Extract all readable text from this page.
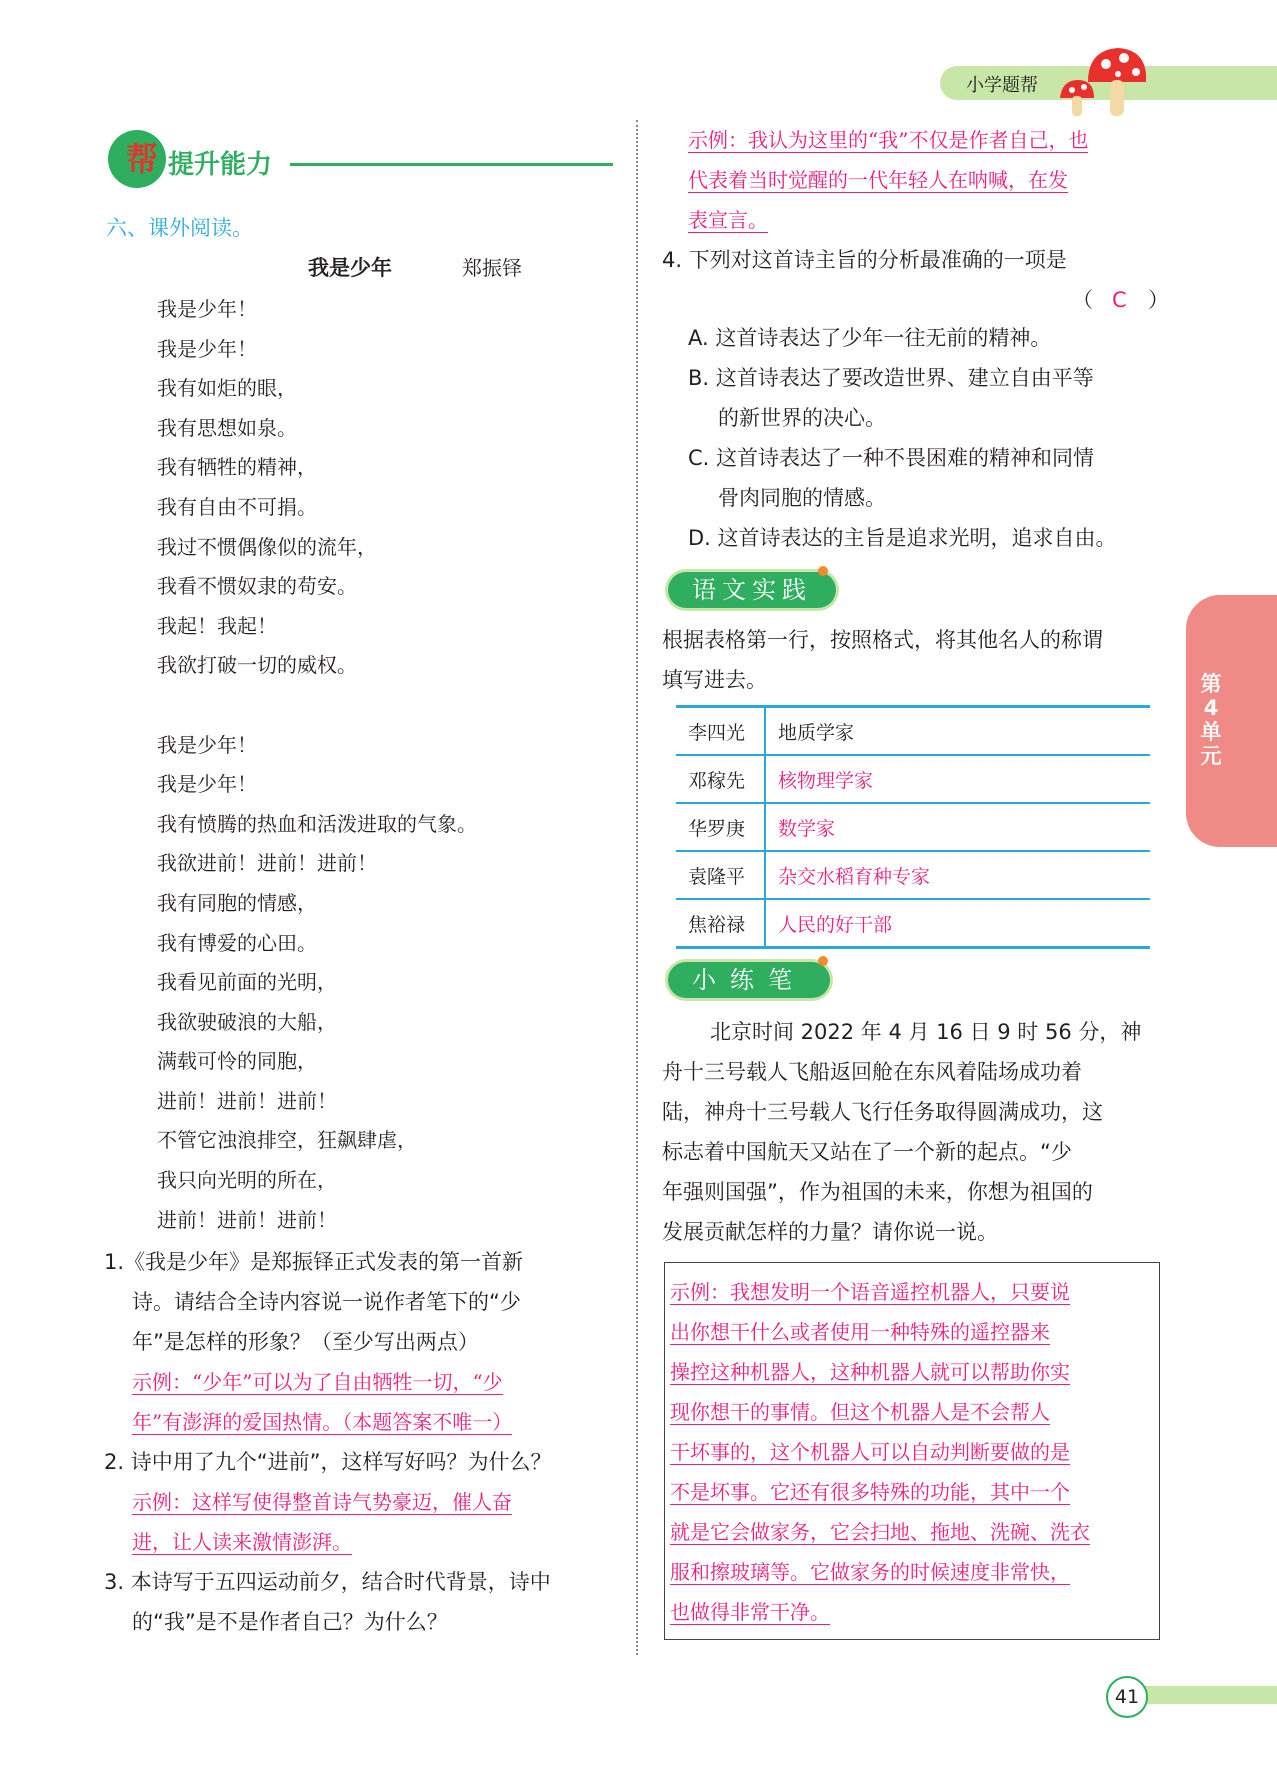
小学题帮
帮 提升能力
六、课外阅读。
我是少年	郑振铎
我是少年！
我是少年！
我有如炬的眼，
我有思想如泉。
我有牺牲的精神，
我有自由不可捐。
我过不惯偶像似的流年，
我看不惯奴隶的苟安。
我起！我起！
我欲打破一切的威权。
我是少年！
我是少年！
我有愤腾的热血和活泼进取的气象。
我欲进前！进前！进前！
我有同胞的情感，
我有博爱的心田。
我看见前面的光明，
我欲驶破浪的大船，
满载可怜的同胞，
进前！进前！进前！
不管它浊浪排空，狂飙肆虐，
我只向光明的所在，
进前！进前！进前！
1.《我是少年》是郑振铎正式发表的第一首新
诗。请结合全诗内容说一说作者笔下的“少
年”是怎样的形象？（至少写出两点）
示例：“少年”可以为了自由牺牲一切，“少
年”有澎湃的爱国热情。（本题答案不唯一）
2. 诗中用了九个“进前”，这样写好吗？为什么？
示例：这样写使得整首诗气势豪迈，催人奋
进，让人读来激情澎湃。
3. 本诗写于五四运动前夕，结合时代背景，诗中
的“我”是不是作者自己？为什么？
示例：我认为这里的“我”不仅是作者自己，也
代表着当时觉醒的一代年轻人在呐喊，在发
表宣言。
4. 下列对这首诗主旨的分析最准确的一项是
（ C ）
A. 这首诗表达了少年一往无前的精神。
B. 这首诗表达了要改造世界、建立自由平等
的新世界的决心。
C. 这首诗表达了一种不畏困难的精神和同情
骨肉同胞的情感。
D. 这首诗表达的主旨是追求光明，追求自由。
语文实践
根据表格第一行，按照格式，将其他名人的称谓
填写进去。
李四光	地质学家
邓稼先	核物理学家
华罗庚	数学家
袁隆平	杂交水稻育种专家
焦裕禄	人民的好干部
小练笔
北京时间 2022 年 4 月 16 日 9 时 56 分，神
舟十三号载人飞船返回舱在东风着陆场成功着
陆，神舟十三号载人飞行任务取得圆满成功，这
标志着中国航天又站在了一个新的起点。“少
年强则国强”，作为祖国的未来，你想为祖国的
发展贡献怎样的力量？请你说一说。
示例：我想发明一个语音遥控机器人，只要说
出你想干什么或者使用一种特殊的遥控器来
操控这种机器人，这种机器人就可以帮助你实
现你想干的事情。但这个机器人是不会帮人
干坏事的，这个机器人可以自动判断要做的是
不是坏事。它还有很多特殊的功能，其中一个
就是它会做家务，它会扫地、拖地、洗碗、洗衣
服和擦玻璃等。它做家务的时候速度非常快，
也做得非常干净。
第4单元
41
